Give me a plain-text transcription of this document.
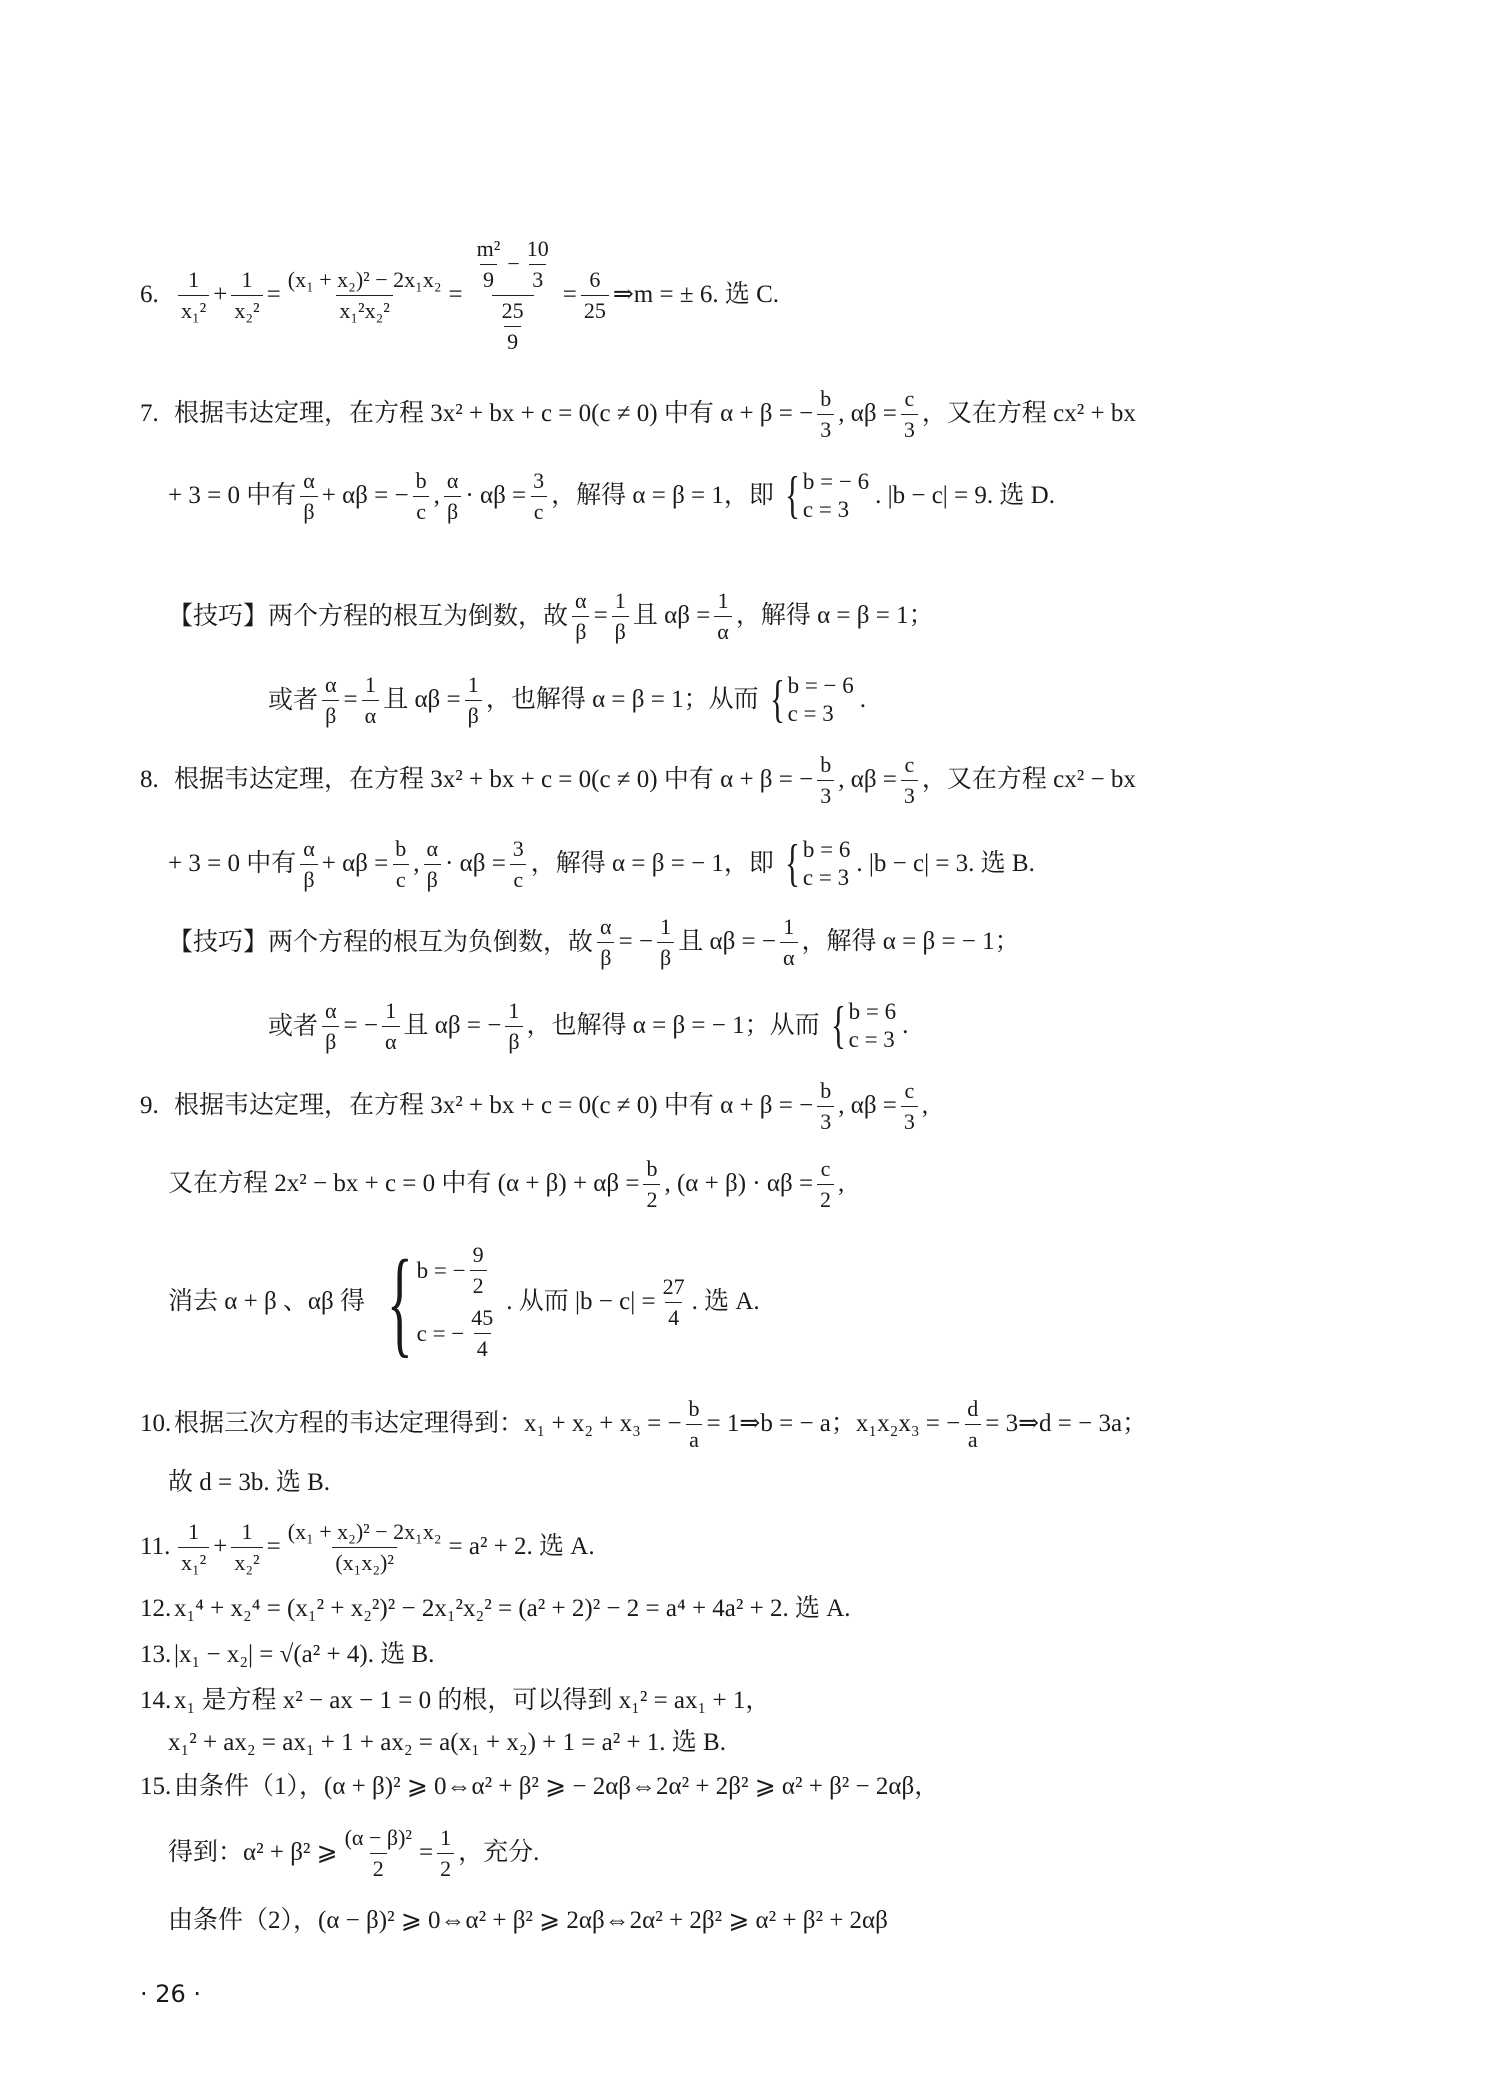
6. $\frac{1}{\text{x₁²}} + \frac{1}{\text{x₂²}} = \frac{\text{(x₁ + x₂)² − 2x₁x₂}}{\text{x₁²x₂²}} = \frac{\frac{\text{m²}}{9} - \frac{10}{3}}{\frac{25}{9}} = \frac{6}{25}$ ⇒m = ± 6. 选 C.
7. 根据韦达定理，在方程 3x² + bx + c = 0(c ≠ 0) 中有 α + β = − $\frac{b}{3}$ , $\alpha\beta = \frac{c}{3}$ ，又在方程 cx² + bx
+ 3 = 0 中有 $\frac{\alpha}{\beta} + \alpha\beta$ = − $\frac{b}{c}$ , $\frac{\alpha}{\beta} \cdot \alpha\beta = \frac{3}{c}$ ，解得 α = β = 1，即 { b = − 6
c = 3
. |b − c| = 9. 选 D.
【技巧】 两个方程的根互为倒数，故 $\frac{\alpha}{\beta} = \frac{1}{\beta}$ 且 $\alpha\beta = \frac{1}{\alpha}$ ，解得 α = β = 1；
或者 $\frac{\alpha}{\beta} = \frac{1}{\alpha}$ 且 $\alpha\beta = \frac{1}{\beta}$ ，也解得 α = β = 1；从而 { b = − 6
c = 3
.
8. 根据韦达定理，在方程 3x² + bx + c = 0(c ≠ 0) 中有 α + β = − $\frac{b}{3}$ , $\alpha\beta = \frac{c}{3}$ ，又在方程 cx² − bx
+ 3 = 0 中有 $\frac{\alpha}{\beta} + \alpha\beta = \frac{b}{c}$ , $\frac{\alpha}{\beta} \cdot \alpha\beta = \frac{3}{c}$ ，解得 α = β = − 1，即 { b = 6
c = 3
. |b − c| = 3. 选 B.
【技巧】 两个方程的根互为负倒数，故 $\frac{\alpha}{\beta}$ = − $\frac{1}{\beta}$ 且 αβ = − $\frac{1}{\alpha}$ ，解得 α = β = − 1；
或者 $\frac{\alpha}{\beta}$ = − $\frac{1}{\alpha}$ 且 αβ = − $\frac{1}{\beta}$ ，也解得 α = β = − 1；从而 { b = 6
c = 3
.
9. 根据韦达定理，在方程 3x² + bx + c = 0(c ≠ 0) 中有 α + β = − $\frac{b}{3}$ , $\alpha\beta = \frac{c}{3}$ ,
又在方程 2x² − bx + c = 0 中有 $(\alpha + \beta) + \alpha\beta = \frac{b}{2}$ , $(\alpha + \beta) \cdot \alpha\beta = \frac{c}{2}$ ,
消去 α + β 、αβ 得 { b = − $\frac{9}{2}$
c = − $\frac{45}{4}$
. 从而 $|b - c| = \frac{27}{4}$ . 选 A.
10. 根据三次方程的韦达定理得到：x₁ + x₂ + x₃ = − $\frac{b}{a}$ = 1⇒b = − a；x₁x₂x₃ = − $\frac{d}{a}$ = 3⇒d = − 3a；
故 d = 3b. 选 B.
11. $\frac{1}{\text{x₁²}} + \frac{1}{\text{x₂²}} = \frac{\text{(x₁ + x₂)² − 2x₁x₂}}{\text{(x₁x₂)²}} = a^2 + 2$. 选 A.
12. x₁⁴ + x₂⁴ = (x₁² + x₂²)² − 2x₁²x₂² = (a² + 2)² − 2 = a⁴ + 4a² + 2. 选 A.
13. |x₁ − x₂| = √(a² + 4). 选 B.
14. x₁ 是方程 x² − ax − 1 = 0 的根，可以得到 x₁² = ax₁ + 1，
x₁² + ax₂ = ax₁ + 1 + ax₂ = a(x₁ + x₂) + 1 = a² + 1. 选 B.
15. 由条件（1），(α + β)² ⩾ 0⇔α² + β² ⩾ − 2αβ⇔2α² + 2β² ⩾ α² + β² − 2αβ，
得到：α² + β² ⩾ $\frac{\text{(α − β)²}}{2} = \frac{1}{2}$ ，充分.
由条件（2），(α − β)² ⩾ 0⇔α² + β² ⩾ 2αβ⇔2α² + 2β² ⩾ α² + β² + 2αβ
· 26 ·
